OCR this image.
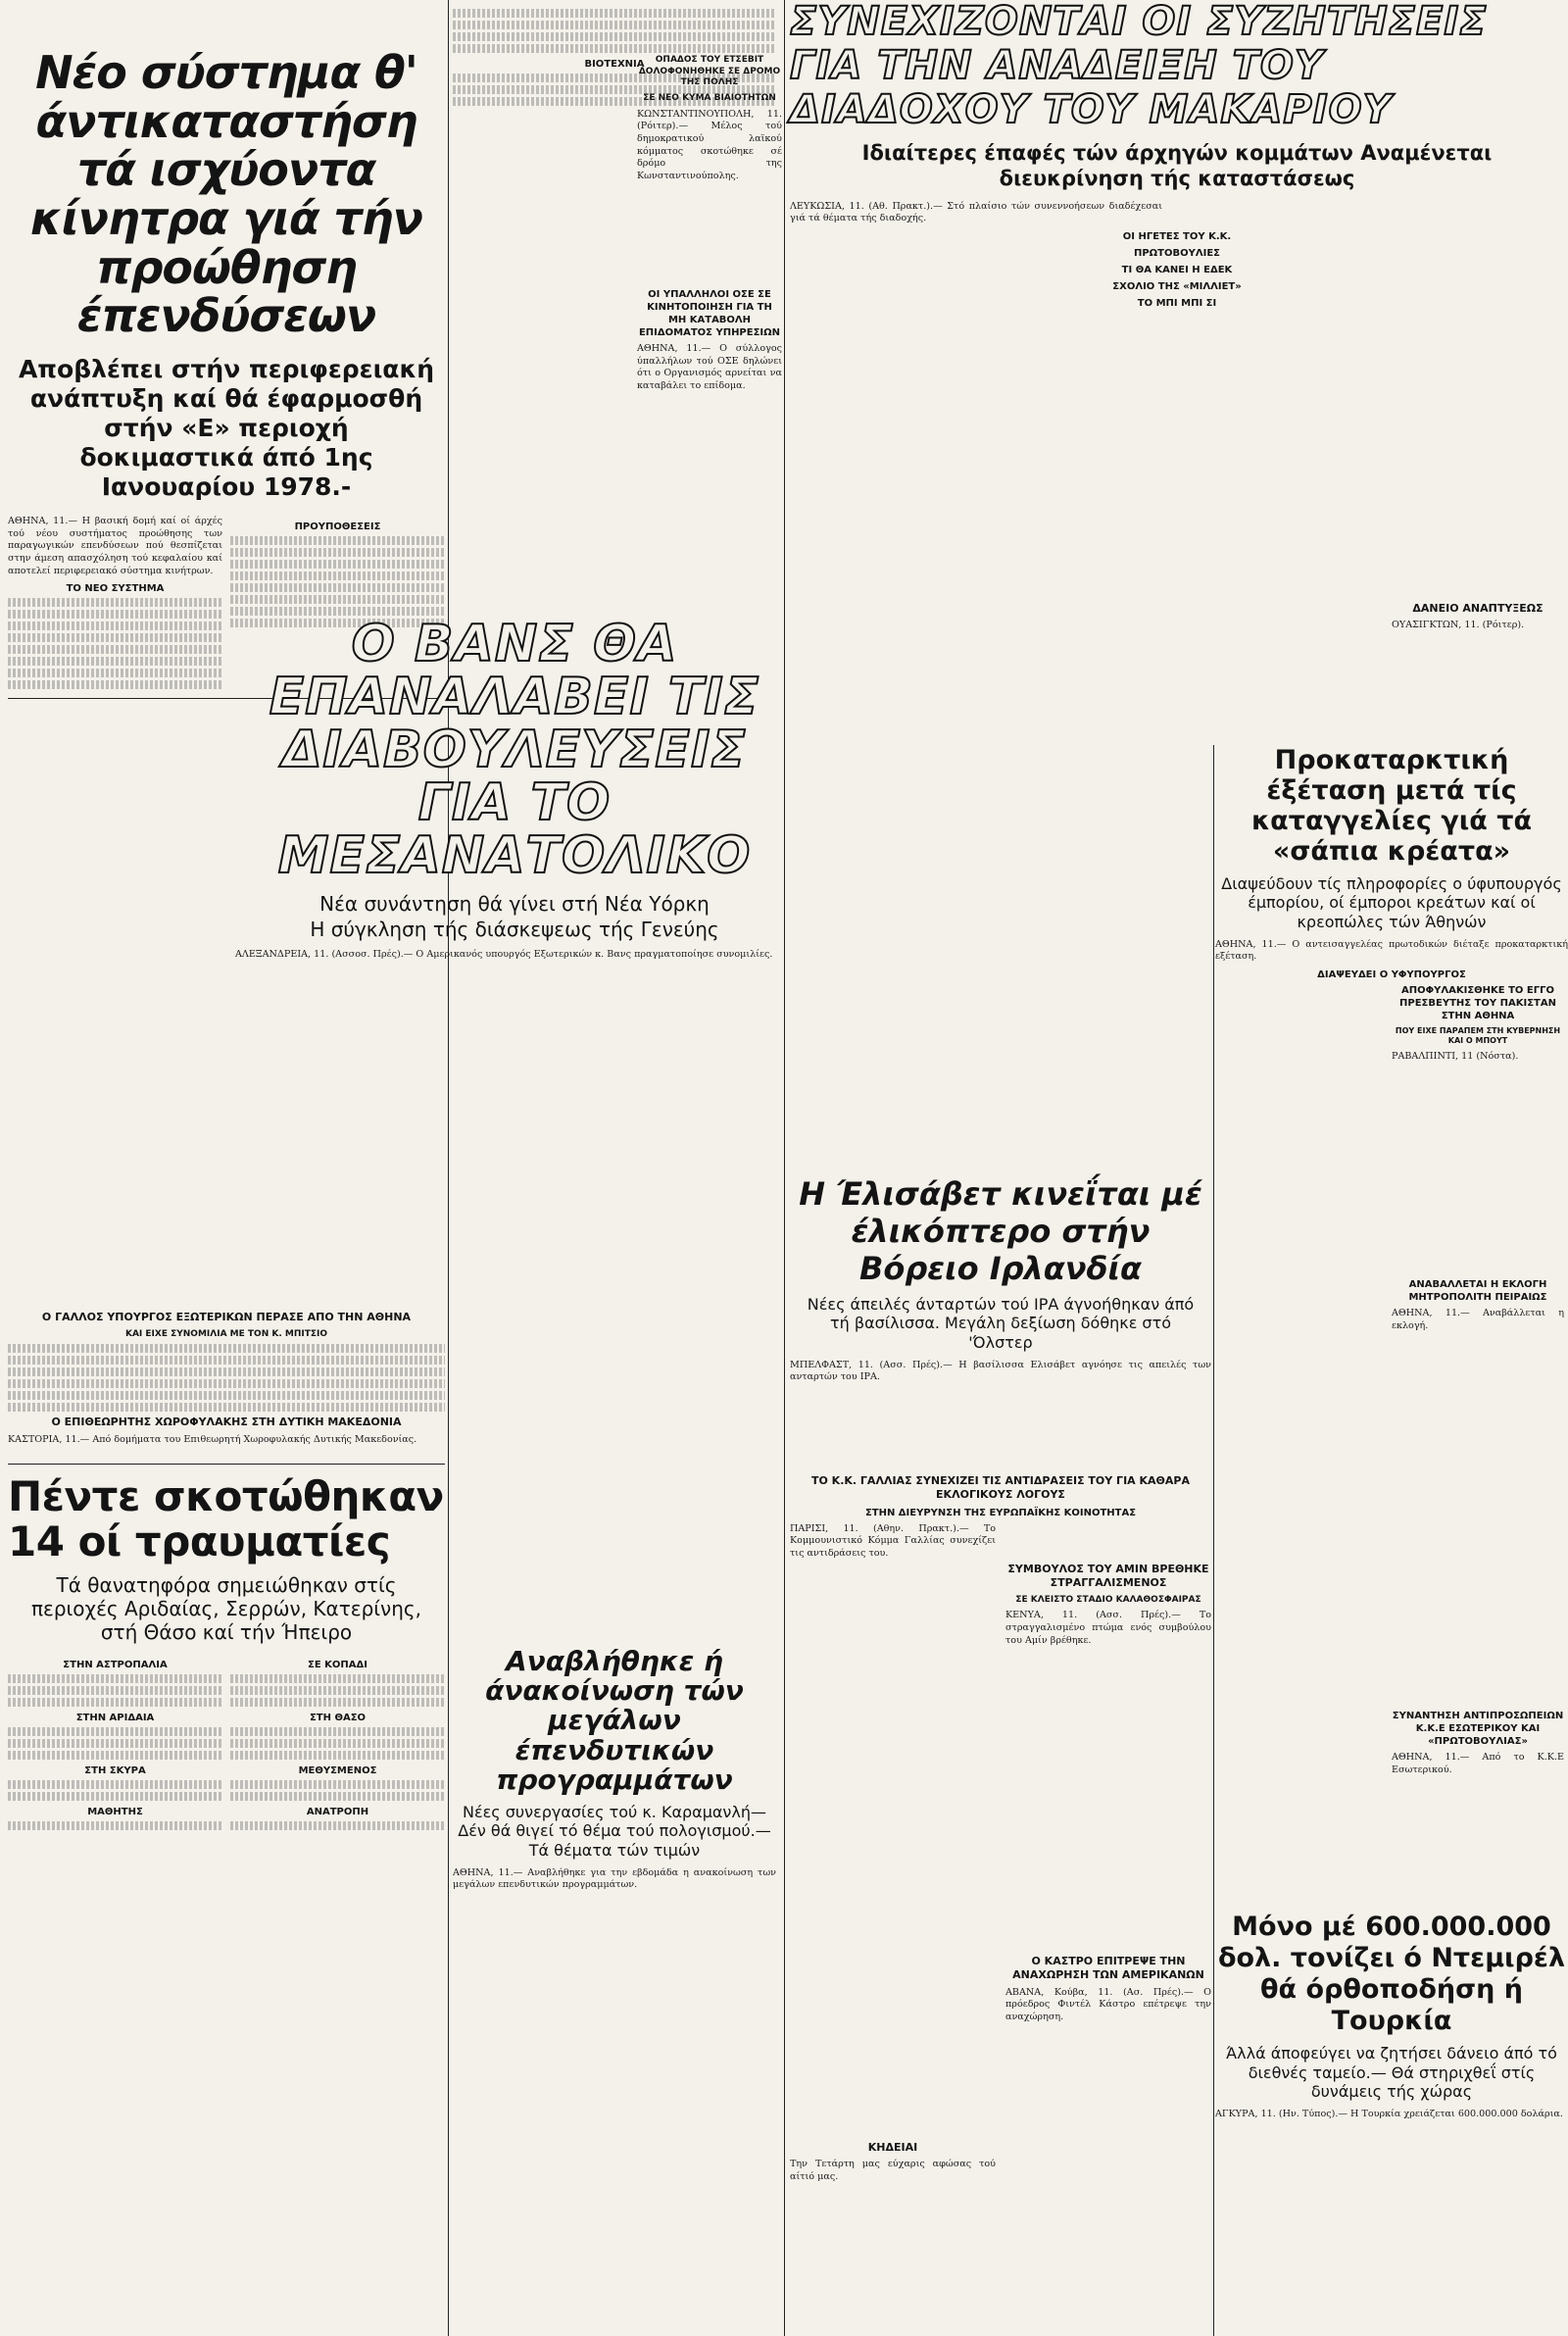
Νέο σύστημα θ' άντικαταστήση τά ισχύοντα κίνητρα γιά τήν προώθηση έπενδύσεων

Αποβλέπει στήν περιφερειακή ανάπτυξη καί θά έφαρμοσθή στήν «Ε» περιοχή δοκιμαστικά άπό 1ης Ιανουαρίου 1978.-

ΑΘΗΝΑ, 11.— Η βασική δομή καί οί άρχές τού νέου συστήματος προώθησης των παραγωγικών επενδύσεων πού θεσπίζεται στην άμεση απασχόληση τού κεφαλαίου καί αποτελεί περιφερειακό σύστημα κινήτρων.

ΤΟ ΝΕΟ ΣΥΣΤΗΜΑ
ΠΡΟΥΠΟΘΕΣΕΙΣ
Ο ΓΑΛΛΟΣ ΥΠΟΥΡΓΟΣ ΕΞΩΤΕΡΙΚΩΝ ΠΕΡΑΣΕ ΑΠΟ ΤΗΝ ΑΘΗΝΑ
ΚΑΙ ΕΙΧΕ ΣΥΝΟΜΙΛΙΑ ΜΕ ΤΟΝ Κ. ΜΠΙΤΣΙΟ
Ο ΕΠΙΘΕΩΡΗΤΗΣ ΧΩΡΟΦΥΛΑΚΗΣ ΣΤΗ ΔΥΤΙΚΗ ΜΑΚΕΔΟΝΙΑ

ΚΑΣΤΟΡΙΑ, 11.— Από δομήματα του Επιθεωρητή Χωροφυλακής Δυτικής Μακεδονίας.

Πέντε σκοτώθηκαν 14 οί τραυματίες

Τά θανατηφόρα σημειώθηκαν στίς περιοχές Αριδαίας, Σερρών, Κατερίνης, στή Θάσο καί τήν Ήπειρο

ΣΤΗΝ ΑΣΤΡΟΠΑΛΙΑ
ΣΤΗΝ ΑΡΙΔΑΙΑ
ΣΤΗ ΣΚΥΡΑ
ΜΑΘΗΤΗΣ
ΣΕ ΚΟΠΑΔΙ
ΣΤΗ ΘΑΣΟ
ΜΕΘΥΣΜΕΝΟΣ
ΑΝΑΤΡΟΠΗ
ΒΙΟΤΕΧΝΙΑ	ΟΠΑΔΟΣ ΤΟΥ ΕΤΣΕΒΙΤ ΔΟΛΟΦΟΝΗΘΗΚΕ ΣΕ ΔΡΟΜΟ ΤΗΣ ΠΟΛΗΣ
ΣΕ ΝΕΟ ΚΥΜΑ ΒΙΑΙΟΤΗΤΩΝ

ΚΩΝΣΤΑΝΤΙΝΟΥΠΟΛΗ, 11. (Ρόιτερ).— Μέλος τού δημοκρατικού λαϊκού κόμματος σκοτώθηκε σέ δρόμο της Κωνσταντινούπολης.

ΟΙ ΥΠΑΛΛΗΛΟΙ ΟΣΕ ΣΕ ΚΙΝΗΤΟΠΟΙΗΣΗ ΓΙΑ ΤΗ ΜΗ ΚΑΤΑΒΟΛΗ ΕΠΙΔΟΜΑΤΟΣ ΥΠΗΡΕΣΙΩΝ

ΑΘΗΝΑ, 11.— Ο σύλλογος ύπαλλήλων τού ΟΣΕ δηλώνει ότι ο Οργανισμός αρνείται να καταβάλει το επίδομα.

Ο ΒΑΝΣ ΘΑ ΕΠΑΝΑΛΑΒΕΙ ΤΙΣ ΔΙΑΒΟΥΛΕΥΣΕΙΣ ΓΙΑ ΤΟ ΜΕΣΑΝΑΤΟΛΙΚΟ

Νέα συνάντηση θά γίνει στή Νέα Υόρκη

Η σύγκληση τής διάσκεψεως τής Γενεύης

ΑΛΕΞΑΝΔΡΕΙΑ, 11. (Ασσοσ. Πρές).— Ο Αμερικανός υπουργός Εξωτερικών κ. Βανς πραγματοποίησε συνομιλίες.

Αναβλήθηκε ή άνακοίνωση τών μεγάλων έπενδυτικών προγραμμάτων

Νέες συνεργασίες τού κ. Καραμανλή— Δέν θά θιγεί τό θέμα τού πολογισμού.—Τά θέματα τών τιμών

ΑΘΗΝΑ, 11.— Αναβλήθηκε για την εβδομάδα η ανακοίνωση των μεγάλων επενδυτικών προγραμμάτων.

ΣΥΝΕΧΙΖΟΝΤΑΙ ΟΙ ΣΥΖΗΤΗΣΕΙΣ ΓΙΑ ΤΗΝ ΑΝΑΔΕΙΞΗ ΤΟΥ ΔΙΑΔΟΧΟΥ ΤΟΥ ΜΑΚΑΡΙΟΥ

Ιδιαίτερες έπαφές τών άρχηγών κομμάτων Αναμένεται διευκρίνηση τής καταστάσεως

ΛΕΥΚΩΣΙΑ, 11. (Αθ. Πρακτ.).— Στό πλαίσιο τών συνεννοήσεων διαδέχεσαι γιά τά θέματα τής διαδοχής.

ΟΙ ΗΓΕΤΕΣ ΤΟΥ Κ.Κ.
ΠΡΩΤΟΒΟΥΛΙΕΣ
ΤΙ ΘΑ ΚΑΝΕΙ Η ΕΔΕΚ
ΣΧΟΛΙΟ ΤΗΣ «ΜΙΛΛΙΕΤ»
ΤΟ ΜΠΙ ΜΠΙ ΣΙ
Η Έλισάβετ κινεΐται μέ έλικόπτερο στήν Βόρειο Ιρλανδία

Νέες άπειλές άνταρτών τού ΙΡΑ άγνοήθηκαν άπό τή βασίλισσα. Μεγάλη δεξίωση δόθηκε στό 'Όλστερ

ΜΠΕΛΦΑΣΤ, 11. (Ασσ. Πρές).— Η βασίλισσα Ελισάβετ αγνόησε τις απειλές των ανταρτών του ΙΡΑ.

ΤΟ Κ.Κ. ΓΑΛΛΙΑΣ ΣΥΝΕΧΙΖΕΙ ΤΙΣ ΑΝΤΙΔΡΑΣΕΙΣ ΤΟΥ ΓΙΑ ΚΑΘΑΡΑ ΕΚΛΟΓΙΚΟΥΣ ΛΟΓΟΥΣ
ΣΤΗΝ ΔΙΕΥΡΥΝΣΗ ΤΗΣ ΕΥΡΩΠΑΪΚΗΣ ΚΟΙΝΟΤΗΤΑΣ

ΠΑΡΙΣΙ, 11. (Αθην. Πρακτ.).— Το Κομμουνιστικό Κόμμα Γαλλίας συνεχίζει τις αντιδράσεις του.

ΣΥΜΒΟΥΛΟΣ ΤΟΥ ΑΜΙΝ ΒΡΕΘΗΚΕ ΣΤΡΑΓΓΑΛΙΣΜΕΝΟΣ
ΣΕ ΚΛΕΙΣΤΟ ΣΤΑΔΙΟ ΚΑΛΑΘΟΣΦΑΙΡΑΣ

ΚΕΝΥΑ, 11. (Ασσ. Πρές).— Το στραγγαλισμένο πτώμα ενός συμβούλου του Αμίν βρέθηκε.

Ο ΚΑΣΤΡΟ ΕΠΙΤΡΕΨΕ ΤΗΝ ΑΝΑΧΩΡΗΣΗ ΤΩΝ ΑΜΕΡΙΚΑΝΩΝ

ΑΒΑΝΑ, Κούβα, 11. (Ασ. Πρές).— Ο πρόεδρος Φιντέλ Κάστρο επέτρεψε την αναχώρηση.

ΚΗΔΕΙΑΙ

Την Τετάρτη μας εύχαρις αφώσας τού αίτιό μας.

Προκαταρκτική έξέταση μετά τίς καταγγελίες γιά τά «σάπια κρέατα»

Διαψεύδουν τίς πληροφορίες ο ύφυπουργός έμπορίου, οί έμποροι κρεάτων καί οί κρεοπώλες τών Άθηνών

ΑΘΗΝΑ, 11.— Ο αντεισαγγελέας πρωτοδικών διέταξε προκαταρκτική εξέταση.

ΔΙΑΨΕΥΔΕΙ Ο ΥΦΥΠΟΥΡΓΟΣ
ΑΠΟΦΥΛΑΚΙΣΘΗΚΕ ΤΟ ΕΓΓΟ ΠΡΕΣΒΕΥΤΗΣ ΤΟΥ ΠΑΚΙΣΤΑΝ ΣΤΗΝ ΑΘΗΝΑ
ΠΟΥ ΕΙΧΕ ΠΑΡΑΠΕΜ ΣΤΗ ΚΥΒΕΡΝΗΣΗ ΚΑΙ Ο ΜΠΟΥΤ

ΡΑΒΑΛΠΙΝΤΙ, 11 (Νόστα).

ΔΑΝΕΙΟ ΑΝΑΠΤΥΞΕΩΣ

ΟΥΑΣΙΓΚΤΩΝ, 11. (Ρόιτερ).

ΑΝΑΒΑΛΛΕΤΑΙ Η ΕΚΛΟΓΗ ΜΗΤΡΟΠΟΛΙΤΗ ΠΕΙΡΑΙΩΣ

ΑΘΗΝΑ, 11.— Αναβάλλεται η εκλογή.

ΣΥΝΑΝΤΗΣΗ ΑΝΤΙΠΡΟΣΩΠΕΙΩΝ Κ.Κ.Ε ΕΣΩΤΕΡΙΚΟΥ ΚΑΙ «ΠΡΩΤΟΒΟΥΛΙΑΣ»

ΑΘΗΝΑ, 11.— Από το Κ.Κ.Ε Εσωτερικού.

Μόνο μέ 600.000.000 δολ. τονίζει ό Ντεμιρέλ θά όρθοποδήση ή Τουρκία

Άλλά άποφεύγει να ζητήσει δάνειο άπό τό διεθνές ταμείο.— Θά στηριχθεΐ στίς δυνάμεις τής χώρας

ΑΓΚΥΡΑ, 11. (Ην. Τύπος).— Η Τουρκία χρειάζεται 600.000.000 δολάρια.
